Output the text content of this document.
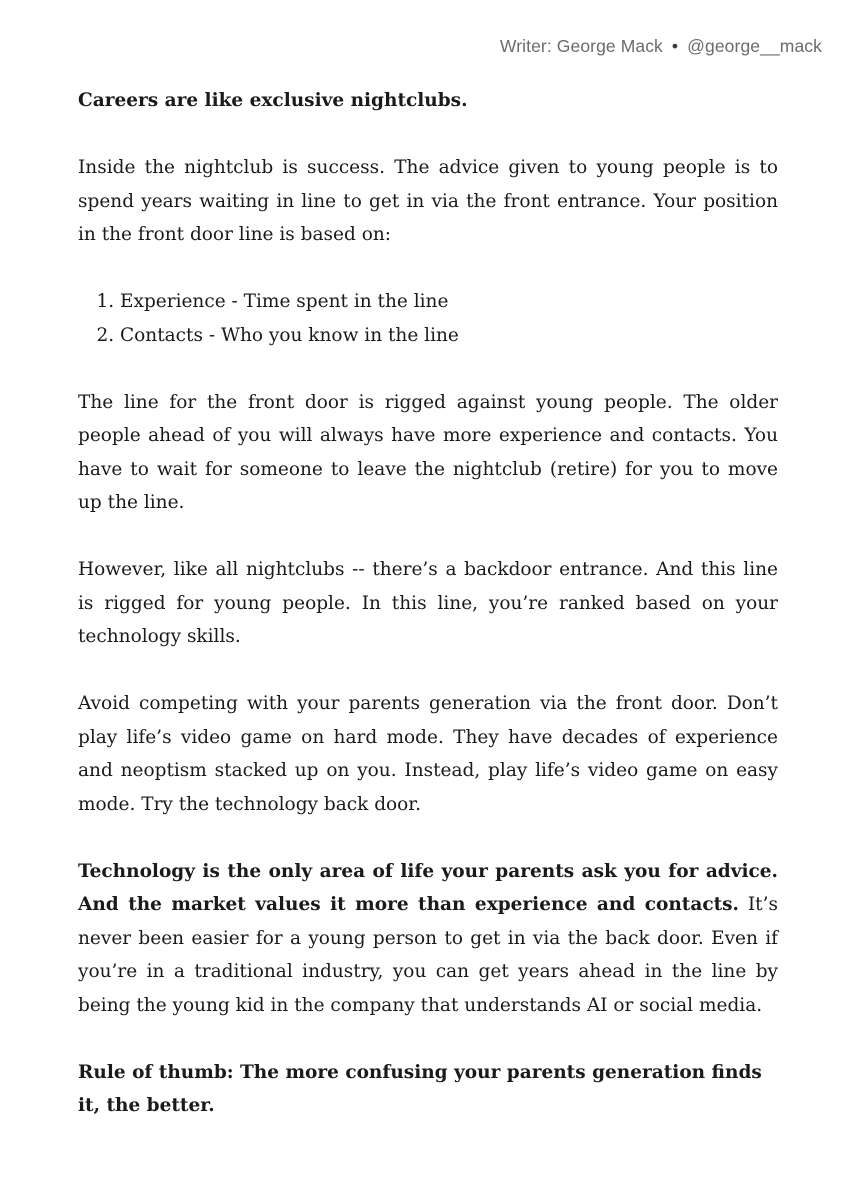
Writer: George Mack • @george__mack

Careers are like exclusive nightclubs.

Inside the nightclub is success. The advice given to young people is to spend years waiting in line to get in via the front entrance. Your position in the front door line is based on:

1. Experience - Time spent in the line
2. Contacts - Who you know in the line

The line for the front door is rigged against young people. The older people ahead of you will always have more experience and contacts. You have to wait for someone to leave the nightclub (retire) for you to move up the line.

However, like all nightclubs -- there’s a backdoor entrance. And this line is rigged for young people. In this line, you’re ranked based on your technology skills.

Avoid competing with your parents generation via the front door. Don’t play life’s video game on hard mode. They have decades of experience and neoptism stacked up on you. Instead, play life’s video game on easy mode. Try the technology back door.

Technology is the only area of life your parents ask you for advice. And the market values it more than experience and contacts. It’s never been easier for a young person to get in via the back door. Even if you’re in a traditional industry, you can get years ahead in the line by being the young kid in the company that understands AI or social media.

Rule of thumb: The more confusing your parents generation finds it, the better.
